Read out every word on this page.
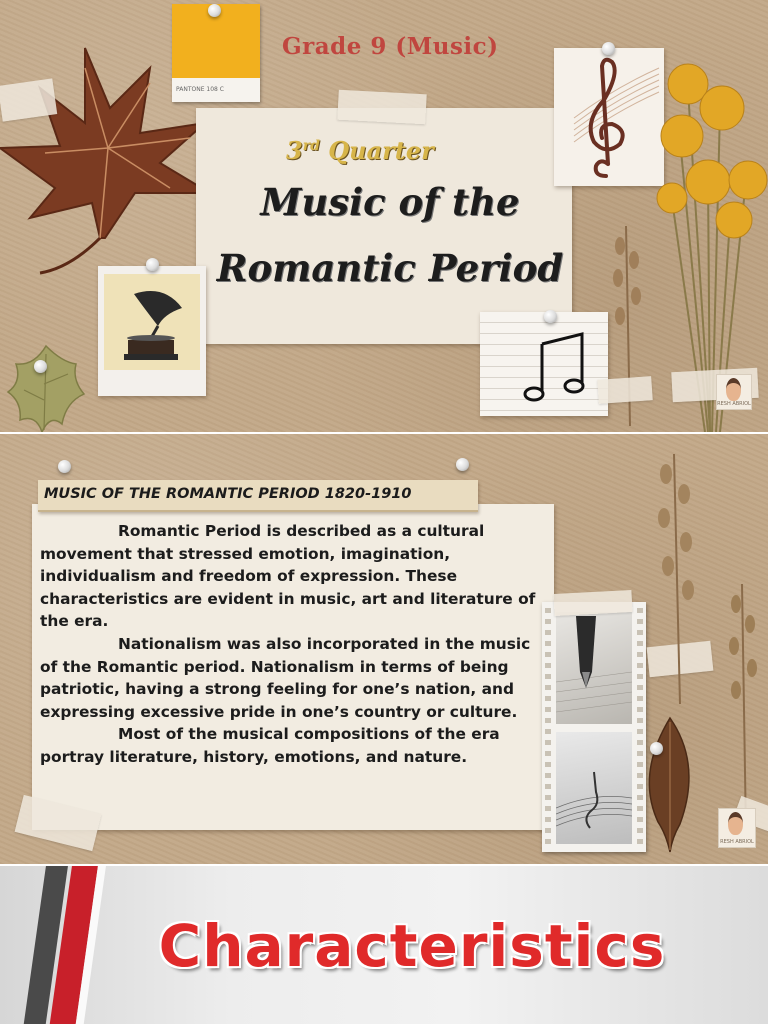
PANTONE 108 C
Grade 9 (Music)
3rd Quarter
Music of the
Romantic Period
RESH ABRIOL
MUSIC OF THE ROMANTIC PERIOD 1820-1910

Romantic Period is described as a cultural movement that stressed emotion, imagination, individualism and freedom of expression. These characteristics are evident in music, art and literature of the era.

Nationalism was also incorporated in the music of the Romantic period. Nationalism in terms of being patriotic, having a strong feeling for one’s nation, and expressing excessive pride in one’s country or culture.

Most of the musical compositions of the era portray literature, history, emotions, and nature.

RESH ABRIOL
Characteristics
